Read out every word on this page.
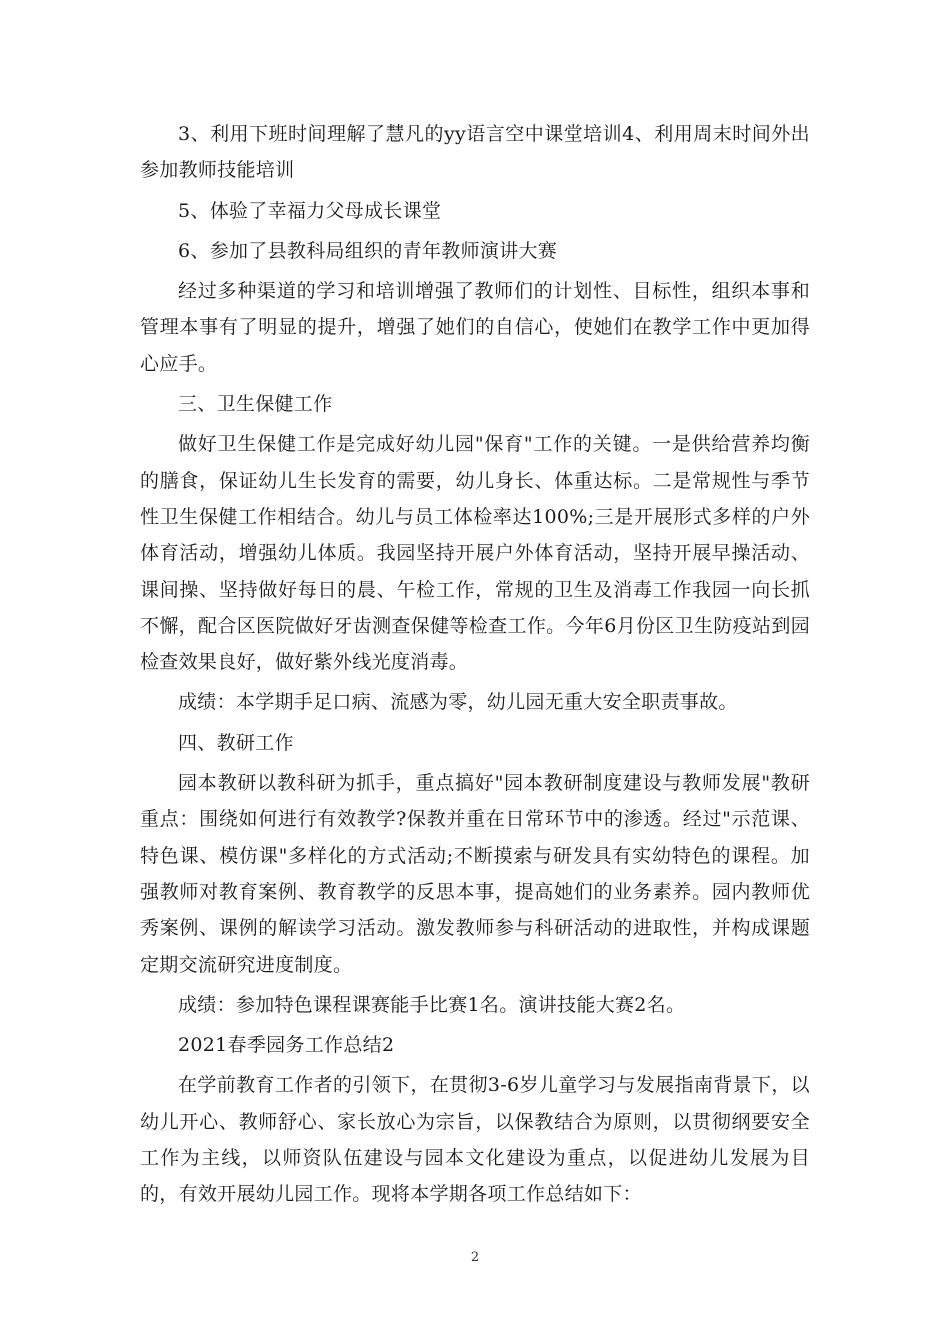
3、利用下班时间理解了慧凡的yy语言空中课堂培训4、利用周末时间外出参加教师技能培训

5、体验了幸福力父母成长课堂

6、参加了县教科局组织的青年教师演讲大赛

经过多种渠道的学习和培训增强了教师们的计划性、目标性，组织本事和管理本事有了明显的提升，增强了她们的自信心，使她们在教学工作中更加得心应手。

三、卫生保健工作

做好卫生保健工作是完成好幼儿园"保育"工作的关键。一是供给营养均衡的膳食，保证幼儿生长发育的需要，幼儿身长、体重达标。二是常规性与季节性卫生保健工作相结合。幼儿与员工体检率达100%;三是开展形式多样的户外体育活动，增强幼儿体质。我园坚持开展户外体育活动，坚持开展早操活动、课间操、坚持做好每日的晨、午检工作，常规的卫生及消毒工作我园一向长抓不懈，配合区医院做好牙齿测查保健等检查工作。今年6月份区卫生防疫站到园检查效果良好，做好紫外线光度消毒。

成绩：本学期手足口病、流感为零，幼儿园无重大安全职责事故。

四、教研工作

园本教研以教科研为抓手，重点搞好"园本教研制度建设与教师发展"教研重点：围绕如何进行有效教学?保教并重在日常环节中的渗透。经过"示范课、特色课、模仿课"多样化的方式活动;不断摸索与研发具有实幼特色的课程。加强教师对教育案例、教育教学的反思本事，提高她们的业务素养。园内教师优秀案例、课例的解读学习活动。激发教师参与科研活动的进取性，并构成课题定期交流研究进度制度。

成绩：参加特色课程课赛能手比赛1名。演讲技能大赛2名。

2021春季园务工作总结2

在学前教育工作者的引领下，在贯彻3-6岁儿童学习与发展指南背景下，以幼儿开心、教师舒心、家长放心为宗旨，以保教结合为原则，以贯彻纲要安全工作为主线，以师资队伍建设与园本文化建设为重点，以促进幼儿发展为目的，有效开展幼儿园工作。现将本学期各项工作总结如下：

2
